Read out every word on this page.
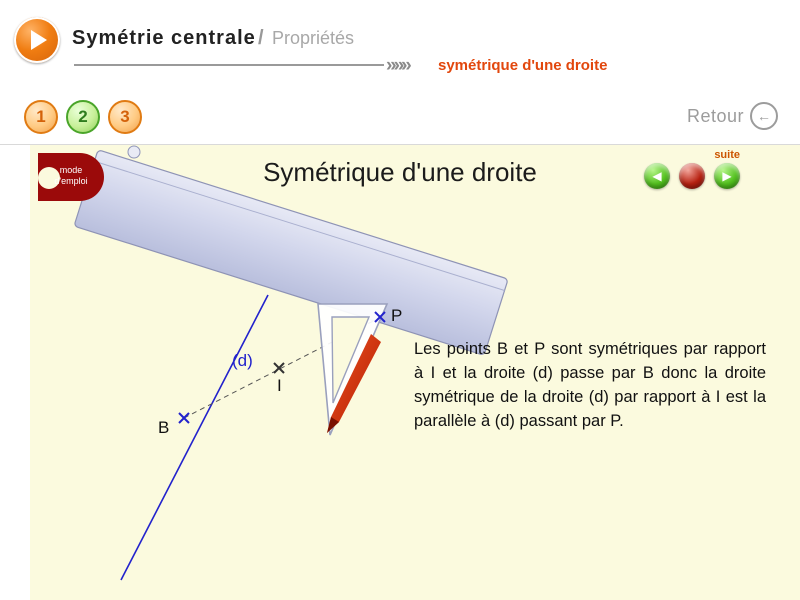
Symétrie centrale / Propriétés
»»» symétrique d'une droite
1	2	3	Retour ←
(d)
P
I
B
Symétrique d'une droite
mode
d'emploi
suite
◀	▶

Les points B et P sont symétriques par rapport à I et la droite (d) passe par B donc la droite symétrique de la droite (d) par rapport à I est la parallèle à (d) passant par P.
